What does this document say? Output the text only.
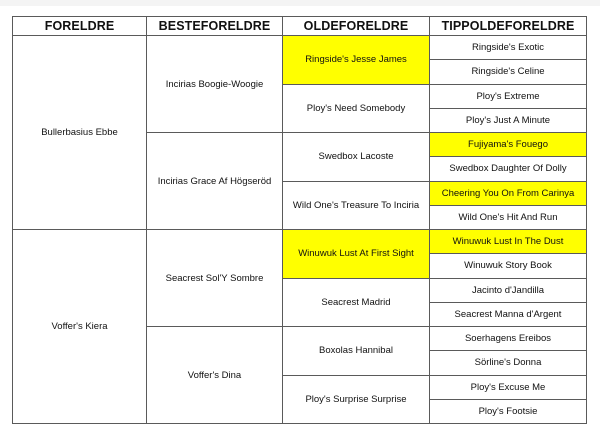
FORELDRE	BESTEFORELDRE	OLDEFORELDRE	TIPPOLDEFORELDRE
Bullerbasius Ebbe	Incirias Boogie-Woogie	Ringside's Jesse James	Ringside's Exotic
			Ringside's Celine
		Ploy's Need Somebody	Ploy's Extreme
			Ploy's Just A Minute
	Incirias Grace Af Högseröd	Swedbox Lacoste	Fujiyama's Fouego
			Swedbox Daughter Of Dolly
		Wild One's Treasure To Inciria	Cheering You On From Carinya
			Wild One's Hit And Run
Voffer's Kiera	Seacrest Sol'Y Sombre	Winuwuk Lust At First Sight	Winuwuk Lust In The Dust
			Winuwuk Story Book
		Seacrest Madrid	Jacinto d'Jandilla
			Seacrest Manna d'Argent
	Voffer's Dina	Boxolas Hannibal	Soerhagens Ereibos
			Sörline's Donna
		Ploy's Surprise Surprise	Ploy's Excuse Me
			Ploy's Footsie
